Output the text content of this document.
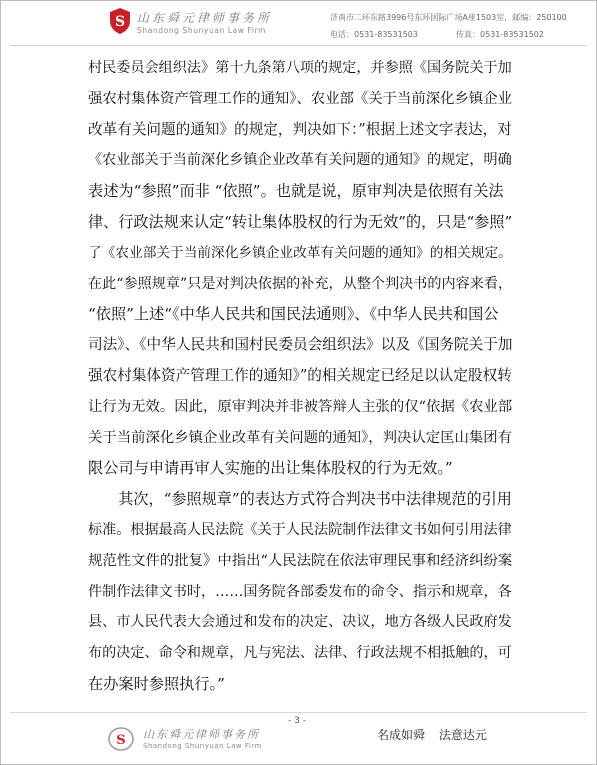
S 山东舜元律师事务所
Shandong Shunyuan Law Firm
济南市二环东路3996号东环国际广场A座1503室，邮编：250100
电话：0531-83531503	传真：0531-83531502
村民委员会组织法》第十九条第八项的规定，并参照《国务院关于加
强农村集体资产管理工作的通知》、农业部《关于当前深化乡镇企业
改革有关问题的通知》的规定，判决如下：”根据上述文字表达，对
《农业部关于当前深化乡镇企业改革有关问题的通知》的规定，明确
表述为“参照”而非 “依照”。也就是说，原审判决是依照有关法
律、行政法规来认定“转让集体股权的行为无效”的，只是“参照”
了《农业部关于当前深化乡镇企业改革有关问题的通知》的相关规定。
在此“参照规章”只是对判决依据的补充，从整个判决书的内容来看，
“依照”上述“《中华人民共和国民法通则》、《中华人民共和国公
司法》、《中华人民共和国村民委员会组织法》以及《国务院关于加
强农村集体资产管理工作的通知》”的相关规定已经足以认定股权转
让行为无效。因此，原审判决并非被答辩人主张的仅“依据《农业部
关于当前深化乡镇企业改革有关问题的通知》，判决认定匡山集团有
限公司与申请再审人实施的出让集体股权的行为无效。”
　　其次，“参照规章”的表达方式符合判决书中法律规范的引用
标准。根据最高人民法院《关于人民法院制作法律文书如何引用法律
规范性文件的批复》中指出“人民法院在依法审理民事和经济纠纷案
件制作法律文书时，……国务院各部委发布的命令、指示和规章，各
县、市人民代表大会通过和发布的决定、决议，地方各级人民政府发
布的决定、命令和规章，凡与宪法、法律、行政法规不相抵触的，可
在办案时参照执行。”
- 3 -
S 山东舜元律师事务所
Shandong Shunyuan Law Firm
名成如舜 法意达元
